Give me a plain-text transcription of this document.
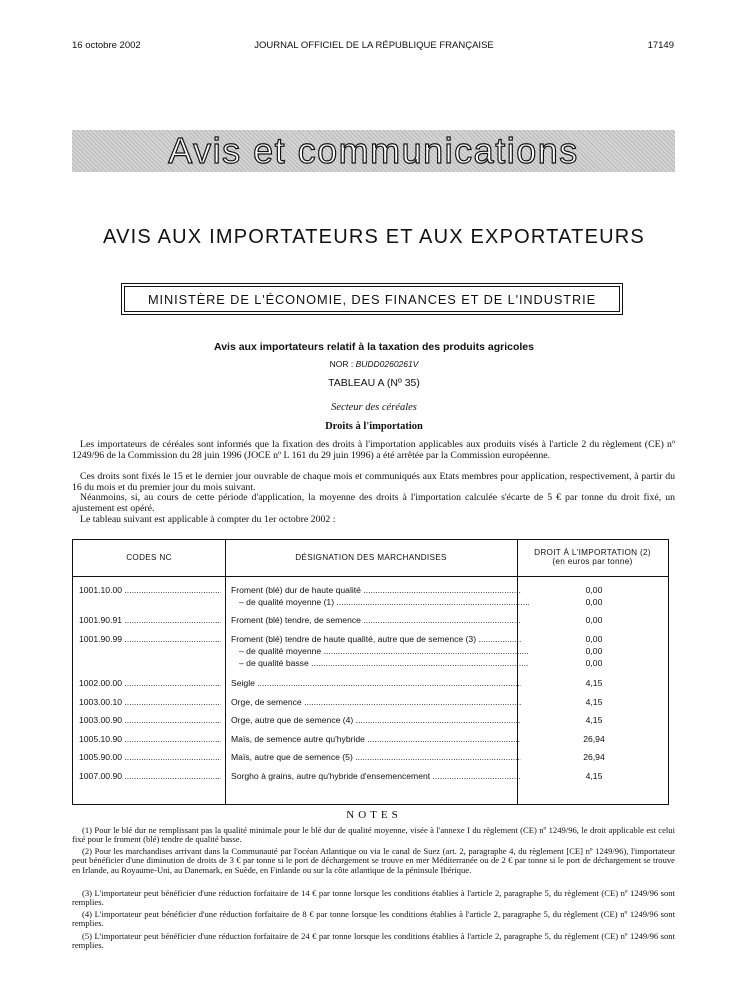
16 octobre 2002	JOURNAL OFFICIEL DE LA RÉPUBLIQUE FRANÇAISE	17149
Avis et communications
AVIS AUX IMPORTATEURS ET AUX EXPORTATEURS
MINISTÈRE DE L'ÉCONOMIE, DES FINANCES ET DE L'INDUSTRIE
Avis aux importateurs relatif à la taxation des produits agricoles
NOR : BUDD0260261V
TABLEAU A (Nº 35)
Secteur des céréales
Droits à l'importation
Les importateurs de céréales sont informés que la fixation des droits à l'importation applicables aux produits visés à l'article 2 du règlement (CE) nº 1249/96 de la Commission du 28 juin 1996 (JOCE nº L 161 du 29 juin 1996) a été arrêtée par la Commission européenne.
Ces droits sont fixés le 15 et le dernier jour ouvrable de chaque mois et communiqués aux Etats membres pour application, respectivement, à partir du 16 du mois et du premier jour du mois suivant.
Néanmoins, si, au cours de cette période d'application, la moyenne des droits à l'importation calculée s'écarte de 5 € par tonne du droit fixé, un ajustement est opéré.
Le tableau suivant est applicable à compter du 1er octobre 2002 :
CODES NC	DÉSIGNATION DES MARCHANDISES
DROIT À L'IMPORTATION (2)
(en euros par tonne)
1001.10.00 .....	Froment (blé) dur de haute qualité .....	0,00
– de qualité moyenne (1) .....	0,00
1001.90.91 .....	Froment (blé) tendre, de semence .....	0,00
1001.90.99 .....	Froment (blé) tendre de haute qualité, autre que de semence (3) .....	0,00
– de qualité moyenne .....	0,00
– de qualité basse .....	0,00
1002.00.00 .....	Seigle .....	4,15
1003.00.10 .....	Orge, de semence .....	4,15
1003.00.90 .....	Orge, autre que de semence (4) .....	4,15
1005.10.90 .....	Maïs, de semence autre qu'hybride .....	26,94
1005.90.00 .....	Maïs, autre que de semence (5) .....	26,94
1007.00.90 .....	Sorgho à grains, autre qu'hybride d'ensemencement .....	4,15
NOTES
(1) Pour le blé dur ne remplissant pas la qualité minimale pour le blé dur de qualité moyenne, visée à l'annexe I du règlement (CE) nº 1249/96, le droit applicable est celui fixé pour le froment (blé) tendre de qualité basse.
(2) Pour les marchandises arrivant dans la Communauté par l'océan Atlantique ou via le canal de Suez (art. 2, paragraphe 4, du règlement [CE] nº 1249/96), l'importateur peut bénéficier d'une diminution de droits de 3 € par tonne si le port de déchargement se trouve en mer Méditerranée ou de 2 € par tonne si le port de déchargement se trouve en Irlande, au Royaume-Uni, au Danemark, en Suède, en Finlande ou sur la côte atlantique de la péninsule Ibérique.
(3) L'importateur peut bénéficier d'une réduction forfaitaire de 14 € par tonne lorsque les conditions établies à l'article 2, paragraphe 5, du règlement (CE) nº 1249/96 sont remplies.
(4) L'importateur peut bénéficier d'une réduction forfaitaire de 8 € par tonne lorsque les conditions établies à l'article 2, paragraphe 5, du règlement (CE) nº 1249/96 sont remplies.
(5) L'importateur peut bénéficier d'une réduction forfaitaire de 24 € par tonne lorsque les conditions établies à l'article 2, paragraphe 5, du règlement (CE) nº 1249/96 sont remplies.
